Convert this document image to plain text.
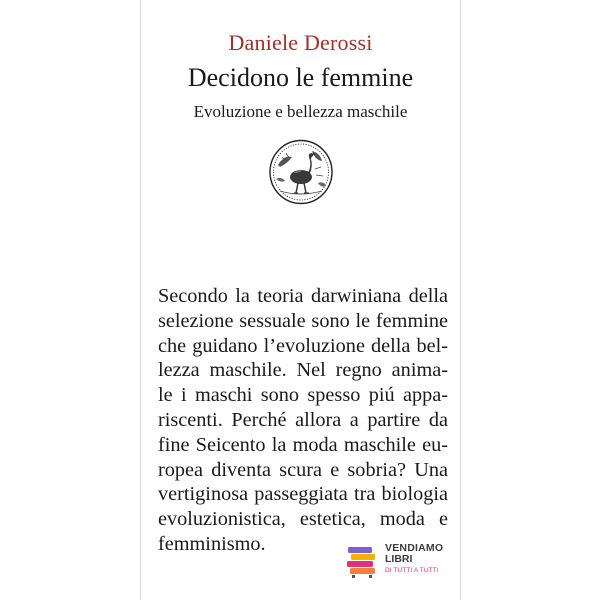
Daniele Derossi
Decidono le femmine
Evoluzione e bellezza maschile

Secondo la teoria darwiniana della
selezione sessuale sono le femmine
che guidano l’evoluzione della bel-
lezza maschile. Nel regno anima-
le i maschi sono spesso piú appa-
riscenti. Perché allora a partire da
fine Seicento la moda maschile eu-
ropea diventa scura e sobria? Una
vertiginosa passeggiata tra biologia
evoluzionistica, estetica, moda e
femminismo.	VENDIAMO
LIBRI
DI TUTTI A TUTTI
